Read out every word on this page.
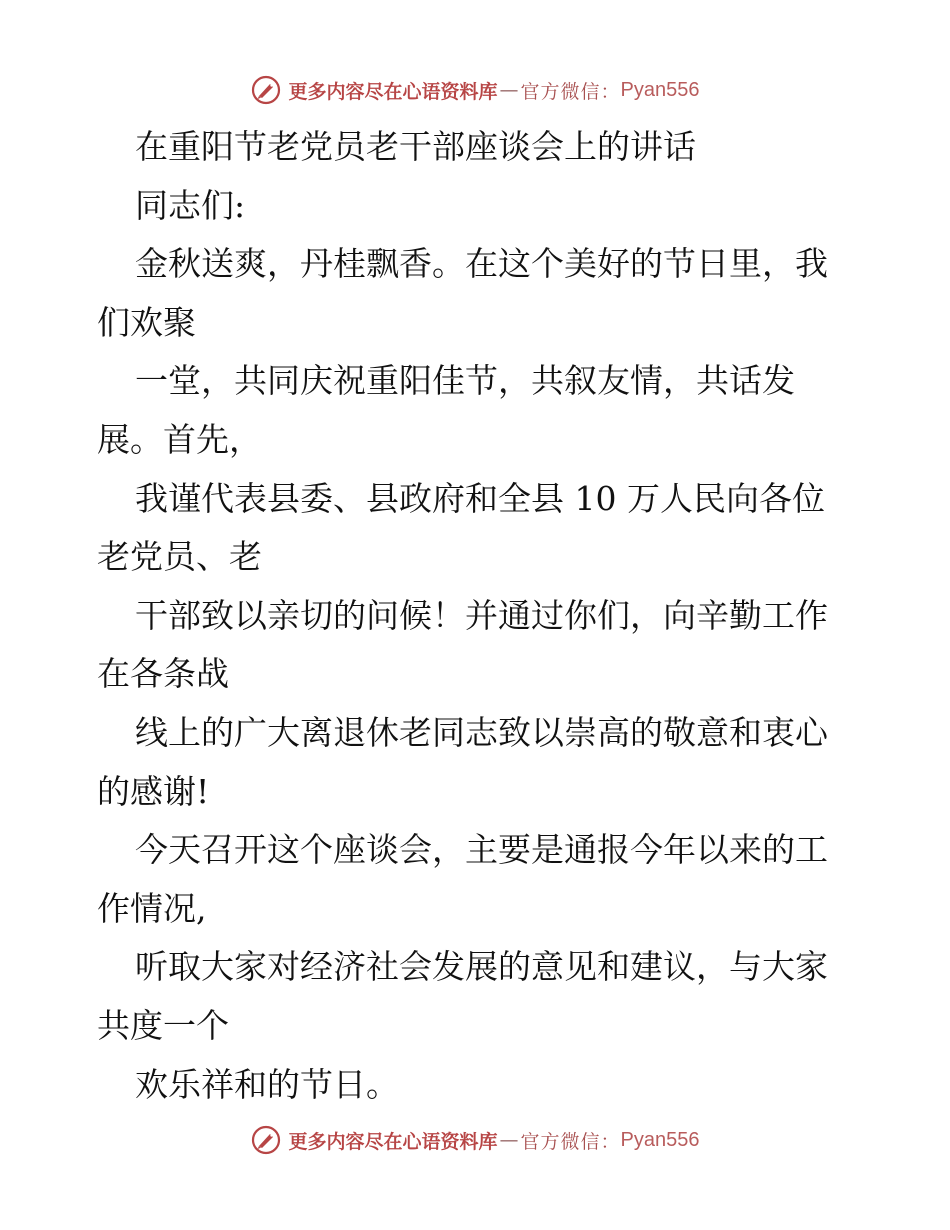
更多内容尽在心语资料库 — 官方微信： Pyan556
在重阳节老党员老干部座谈会上的讲话
同志们:
金秋送爽，丹桂飘香。在这个美好的节日里，我
们欢聚
一堂，共同庆祝重阳佳节，共叙友情，共话发
展。首先，
我谨代表县委、县政府和全县 10 万人民向各位
老党员、老
干部致以亲切的问候！并通过你们，向辛勤工作
在各条战
线上的广大离退休老同志致以崇高的敬意和衷心
的感谢!
今天召开这个座谈会，主要是通报今年以来的工
作情况,
听取大家对经济社会发展的意见和建议，与大家
共度一个
欢乐祥和的节日。
更多内容尽在心语资料库 — 官方微信： Pyan556
